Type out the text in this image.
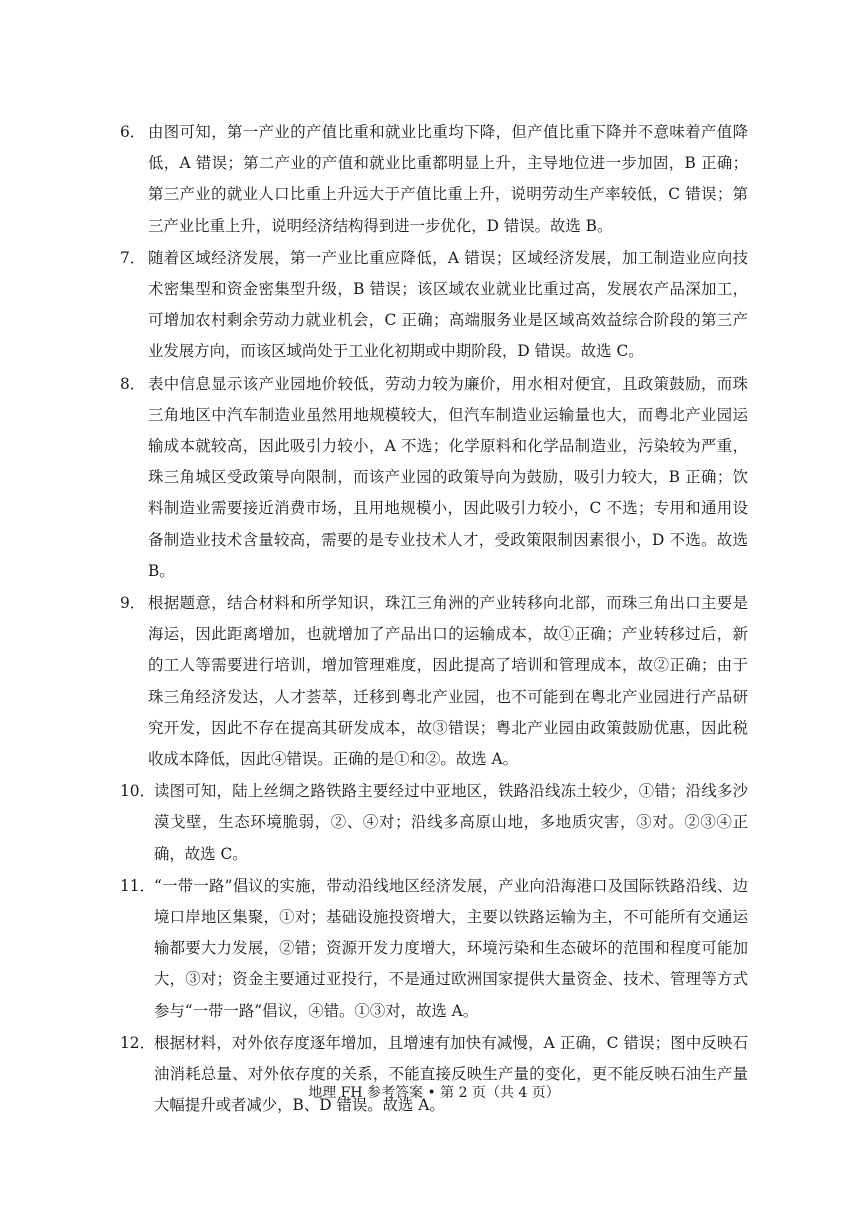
6． 由图可知，第一产业的产值比重和就业比重均下降，但产值比重下降并不意味着产值降低，A 错误；第二产业的产值和就业比重都明显上升，主导地位进一步加固，B 正确；第三产业的就业人口比重上升远大于产值比重上升，说明劳动生产率较低，C 错误；第三产业比重上升，说明经济结构得到进一步优化，D 错误。故选 B。
7． 随着区域经济发展，第一产业比重应降低，A 错误；区域经济发展，加工制造业应向技术密集型和资金密集型升级，B 错误；该区域农业就业比重过高，发展农产品深加工，可增加农村剩余劳动力就业机会，C 正确；高端服务业是区域高效益综合阶段的第三产业发展方向，而该区域尚处于工业化初期或中期阶段，D 错误。故选 C。
8． 表中信息显示该产业园地价较低，劳动力较为廉价，用水相对便宜，且政策鼓励，而珠三角地区中汽车制造业虽然用地规模较大，但汽车制造业运输量也大，而粤北产业园运输成本就较高，因此吸引力较小，A 不选；化学原料和化学品制造业，污染较为严重，珠三角城区受政策导向限制，而该产业园的政策导向为鼓励，吸引力较大，B 正确；饮料制造业需要接近消费市场，且用地规模小，因此吸引力较小，C 不选；专用和通用设备制造业技术含量较高，需要的是专业技术人才，受政策限制因素很小，D 不选。故选 B。
9． 根据题意，结合材料和所学知识，珠江三角洲的产业转移向北部，而珠三角出口主要是海运，因此距离增加，也就增加了产品出口的运输成本，故①正确；产业转移过后，新的工人等需要进行培训，增加管理难度，因此提高了培训和管理成本，故②正确；由于珠三角经济发达，人才荟萃，迁移到粤北产业园，也不可能到在粤北产业园进行产品研究开发，因此不存在提高其研发成本，故③错误；粤北产业园由政策鼓励优惠，因此税收成本降低，因此④错误。正确的是①和②。故选 A。
10． 读图可知，陆上丝绸之路铁路主要经过中亚地区，铁路沿线冻土较少，①错；沿线多沙漠戈壁，生态环境脆弱，②、④对；沿线多高原山地，多地质灾害，③对。②③④正确，故选 C。
11． “一带一路”倡议的实施，带动沿线地区经济发展，产业向沿海港口及国际铁路沿线、边境口岸地区集聚，①对；基础设施投资增大，主要以铁路运输为主，不可能所有交通运输都要大力发展，②错；资源开发力度增大，环境污染和生态破坏的范围和程度可能加大，③对；资金主要通过亚投行，不是通过欧洲国家提供大量资金、技术、管理等方式参与“一带一路”倡议，④错。①③对，故选 A。
12． 根据材料，对外依存度逐年增加，且增速有加快有减慢，A 正确，C 错误；图中反映石油消耗总量、对外依存度的关系，不能直接反映生产量的变化，更不能反映石油生产量大幅提升或者减少，B、D 错误。故选 A。
地理 FH 参考答案 • 第 2 页（共 4 页）
